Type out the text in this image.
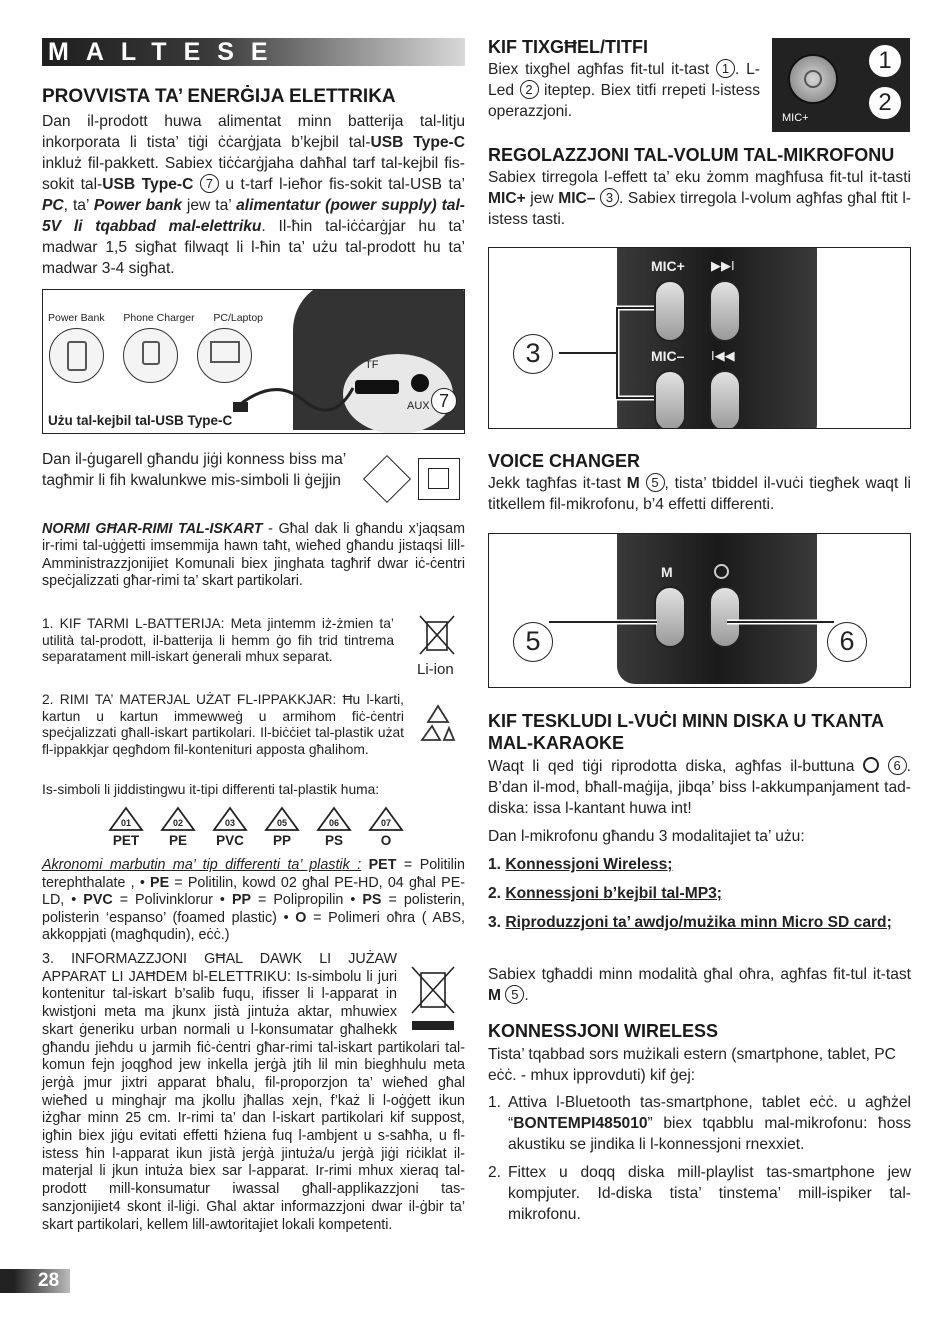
MALTESE
PROVVISTA TA’ ENERĠIJA ELETTRIKA

Dan il-prodott huwa alimentat minn batterija tal-litju inkorporata li tista’ tiġi ċċarġjata b’kejbil tal-USB Type-C inkluż fil-pakkett. Sabiex tiċċarġjaha daħħal tarf tal-kejbil fis-sokit tal-USB Type-C 7 u t-tarf l-ieħor fis-sokit tal-USB ta’ PC, ta’ Power bank jew ta’ alimentatur (power supply) tal-5V li tqabbad mal-elettriku. Il-ħin tal-iċċarġjar hu ta’ madwar 1,5 sigħat filwaqt li l-ħin ta’ użu tal-prodott hu ta’ madwar 3-4 sigħat.

TF
AUX
Power Bank Phone Charger PC/Laptop
7
Użu tal-kejbil tal-USB Type-C

Dan il-ġugarell għandu jiġi konness biss ma’ tagħmir li fih kwalunkwe mis-simboli li ġejjin

NORMI GĦAR-RIMI TAL-ISKART - Għal dak li għandu x’jaqsam ir-rimi tal-uġġetti imsemmija hawn taħt, wieħed għandu jistaqsi lill-Amministrazzjonijiet Komunali biex jinghata tagħrif dwar iċ-ċentri speċjalizzati għar-rimi ta’ skart partikolari.

1. KIF TARMI L-BATTERIJA: Meta jintemm iż-żmien ta’ utilità tal-prodott, il-batterija li hemm ġo fih trid tintrema separatament mill-iskart ġenerali mhux separat.

Li-ion

2. RIMI TA’ MATERJAL UŻAT FL-IPPAKKJAR: Ħu l-karti, kartun u kartun immewweġ u armihom fiċ-ċentri speċjalizzati għall-iskart partikolari. Il-biċċiet tal-plastik użat fl-ippakkjar qegħdom fil-kontenituri apposta għalihom.

Is-simboli li jiddistingwu it-tipi differenti tal-plastik huma:

01
PET
02
PE
03
PVC
05
PP
06
PS
07
O

Akronomi marbutin ma’ tip differenti ta’ plastik : PET = Politilin terephthalate , • PE = Politilin, kowd 02 għal PE-HD, 04 għal PE-LD, • PVC = Polivinklorur • PP = Polipropilin • PS = polisterin, polisterin ‘espanso’ (foamed plastic) • O = Polimeri oħra ( ABS, akkoppjati (magħqudin), eċċ.)

3. INFORMAZZJONI GĦAL DAWK LI JUŻAW APPARAT LI JAĦDEM bl-ELETTRIKU: Is-simbolu li juri kontenitur tal-iskart b’salib fuqu, ifisser li l-apparat in kwistjoni meta ma jkunx jistà jintuża aktar, mhuwiex skart ġeneriku urban normali u l-konsumatar għalhekk għandu jieħdu u jarmih fiċ-ċentri għar-rimi tal-iskart partikolari tal-komun fejn joqgħod jew inkella jerġà jtih lil min bieghhulu meta jerġà jmur jixtri apparat bħalu, fil-proporzjon ta’ wieħed għal wieħed u minghajr ma jkollu jħallas xejn, f’każ li l-oġġett ikun iżgħar minn 25 cm. Ir-rimi ta’ dan l-iskart partikolari kif suppost, igħin biex jiġu evitati effetti ħżiena fuq l-ambjent u s-saħħa, u fl-istess ħin l-apparat ikun jistà jerġà jintuża/u jerġà jiġi riċiklat il-materjal li jkun intuża biex sar l-apparat. Ir-rimi mhux xieraq tal-prodott mill-konsumatur iwassal għall-applikazzjoni tas-sanzjonijiet4 skont il-liġi. Għal aktar informazzjoni dwar il-ġbir ta’ skart partikolari, kellem lill-awtoritajiet lokali kompetenti.

28
KIF TIXGĦEL/TITFI

Biex tixgħel agħfas fit-tul it-tast 1 . L-Led 2 iteptep. Biex titfi rrepeti l-istess operazzjoni.	MIC+
1
2
REGOLAZZJONI TAL-VOLUM TAL-MIKROFONU

Sabiex tirregola l-effett ta’ eku żomm magħfusa fit-tul it-tasti MIC+ jew MIC– 3 . Sabiex tirregola l-volum agħfas għal ftit l-istess tasti.

MIC+ ▶▶I
MIC– I◀◀
3
VOICE CHANGER

Jekk tagħfas it-tast M 5 , tista’ tbiddel il-vuċi tiegħek waqt li titkellem fil-mikrofonu, b’4 effetti differenti.

M
5	6
KIF TESKLUDI L-VUĊI MINN DISKA U TKANTA MAL-KARAOKE

Waqt li qed tiġi riprodotta diska, agħfas il-buttuna  6 . B’dan il-mod, bħall-maġija, jibqa’ biss l-akkumpanjament tad-diska: issa l-kantant huwa int!

Dan l-mikrofonu għandu 3 modalitajiet ta’ użu:

1. Konnessjoni Wireless;

2. Konnessjoni b’kejbil tal-MP3;

3. Riproduzzjoni ta’ awdjo/mużika minn Micro SD card;

Sabiex tgħaddi minn modalità għal oħra, agħfas fit-tul it-tast M 5 .

KONNESSJONI WIRELESS

Tista’ tqabbad sors mużikali estern (smartphone, tablet, PC eċċ. - mhux ipprovduti) kif ġej:

1. Attiva l-Bluetooth tas-smartphone, tablet eċċ. u agħżel “BONTEMPI485010” biex tqabblu mal-mikrofonu: ħoss akustiku se jindika li l-konnessjoni rnexxiet.
2. Fittex u doqq diska mill-playlist tas-smartphone jew kompjuter. Id-diska tista’ tinstema’ mill-ispiker tal-mikrofonu.
